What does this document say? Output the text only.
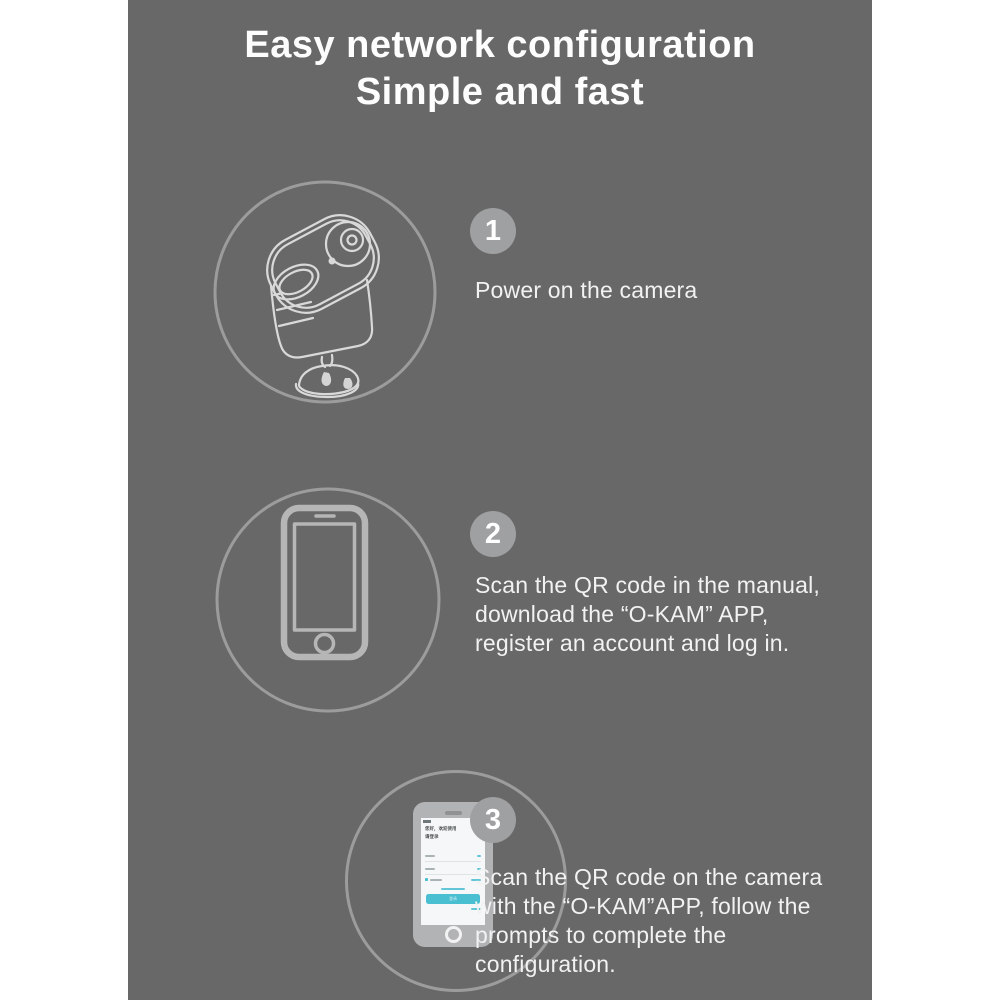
Easy network configuration
Simple and fast
1
Power on the camera
2
Scan the QR code in the manual,
download the “O-KAM” APP,
register an account and log in.
您好，欢迎使用
请登录
登录
3
Scan the QR code on the camera
with the “O-KAM”APP, follow the
prompts to complete the
configuration.
